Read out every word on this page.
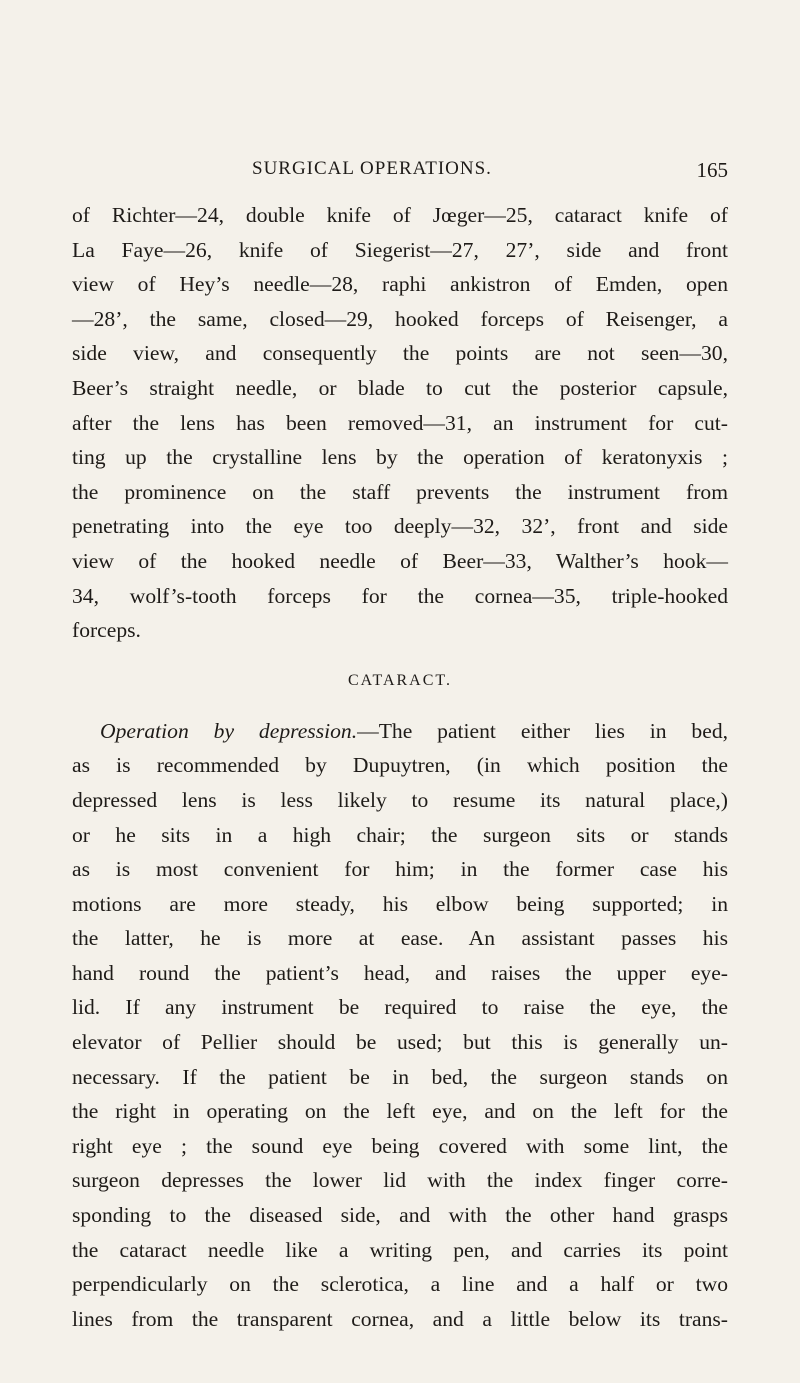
SURGICAL OPERATIONS.	165
of Richter—24, double knife of Jœger—25, cataract knife of
La Faye—26, knife of Siegerist—27, 27’, side and front
view of Hey’s needle—28, raphi ankistron of Emden, open
—28’, the same, closed—29, hooked forceps of Reisenger, a
side view, and consequently the points are not seen—30,
Beer’s straight needle, or blade to cut the posterior capsule,
after the lens has been removed—31, an instrument for cut-
ting up the crystalline lens by the operation of keratonyxis ;
the prominence on the staff prevents the instrument from
penetrating into the eye too deeply—32, 32’, front and side
view of the hooked needle of Beer—33, Walther’s hook—
34, wolf’s-tooth forceps for the cornea—35, triple-hooked
forceps.
CATARACT.
Operation by depression.—The patient either lies in bed,
as is recommended by Dupuytren, (in which position the
depressed lens is less likely to resume its natural place,)
or he sits in a high chair; the surgeon sits or stands
as is most convenient for him; in the former case his
motions are more steady, his elbow being supported; in
the latter, he is more at ease. An assistant passes his
hand round the patient’s head, and raises the upper eye-
lid. If any instrument be required to raise the eye, the
elevator of Pellier should be used; but this is generally un-
necessary. If the patient be in bed, the surgeon stands on
the right in operating on the left eye, and on the left for the
right eye ; the sound eye being covered with some lint, the
surgeon depresses the lower lid with the index finger corre-
sponding to the diseased side, and with the other hand grasps
the cataract needle like a writing pen, and carries its point
perpendicularly on the sclerotica, a line and a half or two
lines from the transparent cornea, and a little below its trans-
